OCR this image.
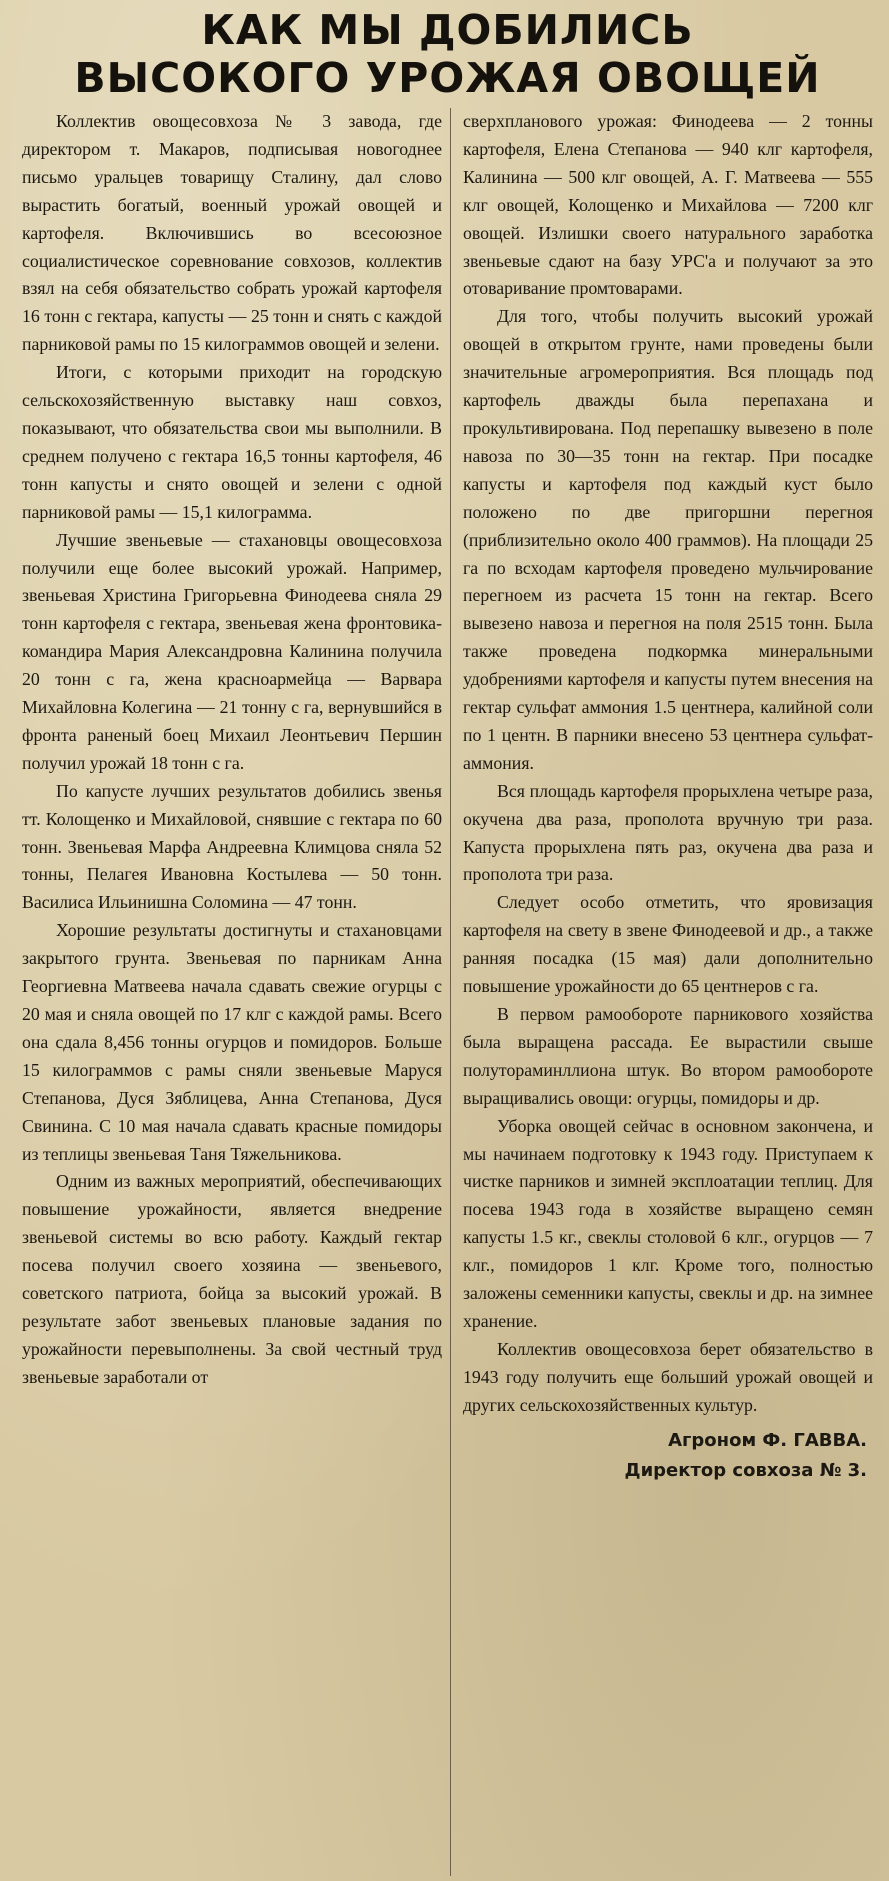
КАК МЫ ДОБИЛИСЬ
ВЫСОКОГО УРОЖАЯ ОВОЩЕЙ

Коллектив овощесовхоза № 3 завода, где директором т. Макаров, подписывая новогоднее письмо уральцев товарищу Сталину, дал слово вырастить богатый, военный урожай овощей и картофеля. Включившись во всесоюзное социалистическое соревнование совхозов, коллектив взял на себя обязательство собрать урожай картофеля 16 тонн с гектара, капусты — 25 тонн и снять с каждой парниковой рамы по 15 килограммов овощей и зелени.

Итоги, с которыми приходит на городскую сельскохозяйственную выставку наш совхоз, показывают, что обязательства свои мы выполнили. В среднем получено с гектара 16,5 тонны картофеля, 46 тонн капусты и снято овощей и зелени с одной парниковой рамы — 15,1 килограмма.

Лучшие звеньевые — стахановцы овощесовхоза получили еще более высокий урожай. Например, звеньевая Христина Григорьевна Финодеева сняла 29 тонн картофеля с гектара, звеньевая жена фронтовика-командира Мария Александровна Калинина получила 20 тонн с га, жена красноармейца — Варвара Михайловна Колегина — 21 тонну с га, вернувшийся в фронта раненый боец Михаил Леонтьевич Першин получил урожай 18 тонн с га.

По капусте лучших результатов добились звенья тт. Колощенко и Михайловой, снявшие с гектара по 60 тонн. Звеньевая Марфа Андреевна Климцова сняла 52 тонны, Пелагея Ивановна Костылева — 50 тонн. Василиса Ильинишна Соломина — 47 тонн.

Хорошие результаты достигнуты и стахановцами закрытого грунта. Звеньевая по парникам Анна Георгиевна Матвеева начала сдавать свежие огурцы с 20 мая и сняла овощей по 17 клг с каждой рамы. Всего она сдала 8,456 тонны огурцов и помидоров. Больше 15 килограммов с рамы сняли звеньевые Маруся Степанова, Дуся Зяблицева, Анна Степанова, Дуся Свинина. С 10 мая начала сдавать красные помидоры из теплицы звеньевая Таня Тяжельникова.

Одним из важных мероприятий, обеспечивающих повышение урожайности, является внедрение звеньевой системы во всю работу. Каждый гектар посева получил своего хозяина — звеньевого, советского патриота, бойца за высокий урожай. В результате забот звеньевых плановые задания по урожайности перевыполнены. За свой честный труд звеньевые заработали от

сверхпланового урожая: Финодеева — 2 тонны картофеля, Елена Степанова — 940 клг картофеля, Калинина — 500 клг овощей, А. Г. Матвеева — 555 клг овощей, Колощенко и Михайлова — 7200 клг овощей. Излишки своего натурального заработка звеньевые сдают на базу УРС'а и получают за это отоваривание промтоварами.

Для того, чтобы получить высокий урожай овощей в открытом грунте, нами проведены были значительные агромероприятия. Вся площадь под картофель дважды была перепахана и прокультивирована. Под перепашку вывезено в поле навоза по 30—35 тонн на гектар. При посадке капусты и картофеля под каждый куст было положено по две пригоршни перегноя (приблизительно около 400 граммов). На площади 25 га по всходам картофеля проведено мульчирование перегноем из расчета 15 тонн на гектар. Всего вывезено навоза и перегноя на поля 2515 тонн. Была также проведена подкормка минеральными удобрениями картофеля и капусты путем внесения на гектар сульфат аммония 1.5 центнера, калийной соли по 1 центн. В парники внесено 53 центнера сульфат-аммония.

Вся площадь картофеля прорыхлена четыре раза, окучена два раза, прополота вручную три раза. Капуста прорыхлена пять раз, окучена два раза и прополота три раза.

Следует особо отметить, что яровизация картофеля на свету в звене Финодеевой и др., а также ранняя посадка (15 мая) дали дополнительно повышение урожайности до 65 центнеров с га.

В первом рамообороте парникового хозяйства была выращена рассада. Ее вырастили свыше полутораминллиона штук. Во втором рамообороте выращивались овощи: огурцы, помидоры и др.

Уборка овощей сейчас в основном закончена, и мы начинаем подготовку к 1943 году. Приступаем к чистке парников и зимней эксплоатации теплиц. Для посева 1943 года в хозяйстве выращено семян капусты 1.5 кг., свеклы столовой 6 клг., огурцов — 7 клг., помидоров 1 клг. Кроме того, полностью заложены семенники капусты, свеклы и др. на зимнее хранение.

Коллектив овощесовхоза берет обязательство в 1943 году получить еще больший урожай овощей и других сельскохозяйственных культур.

Агроном Ф. ГАВВА.
Директор совхоза № 3.
